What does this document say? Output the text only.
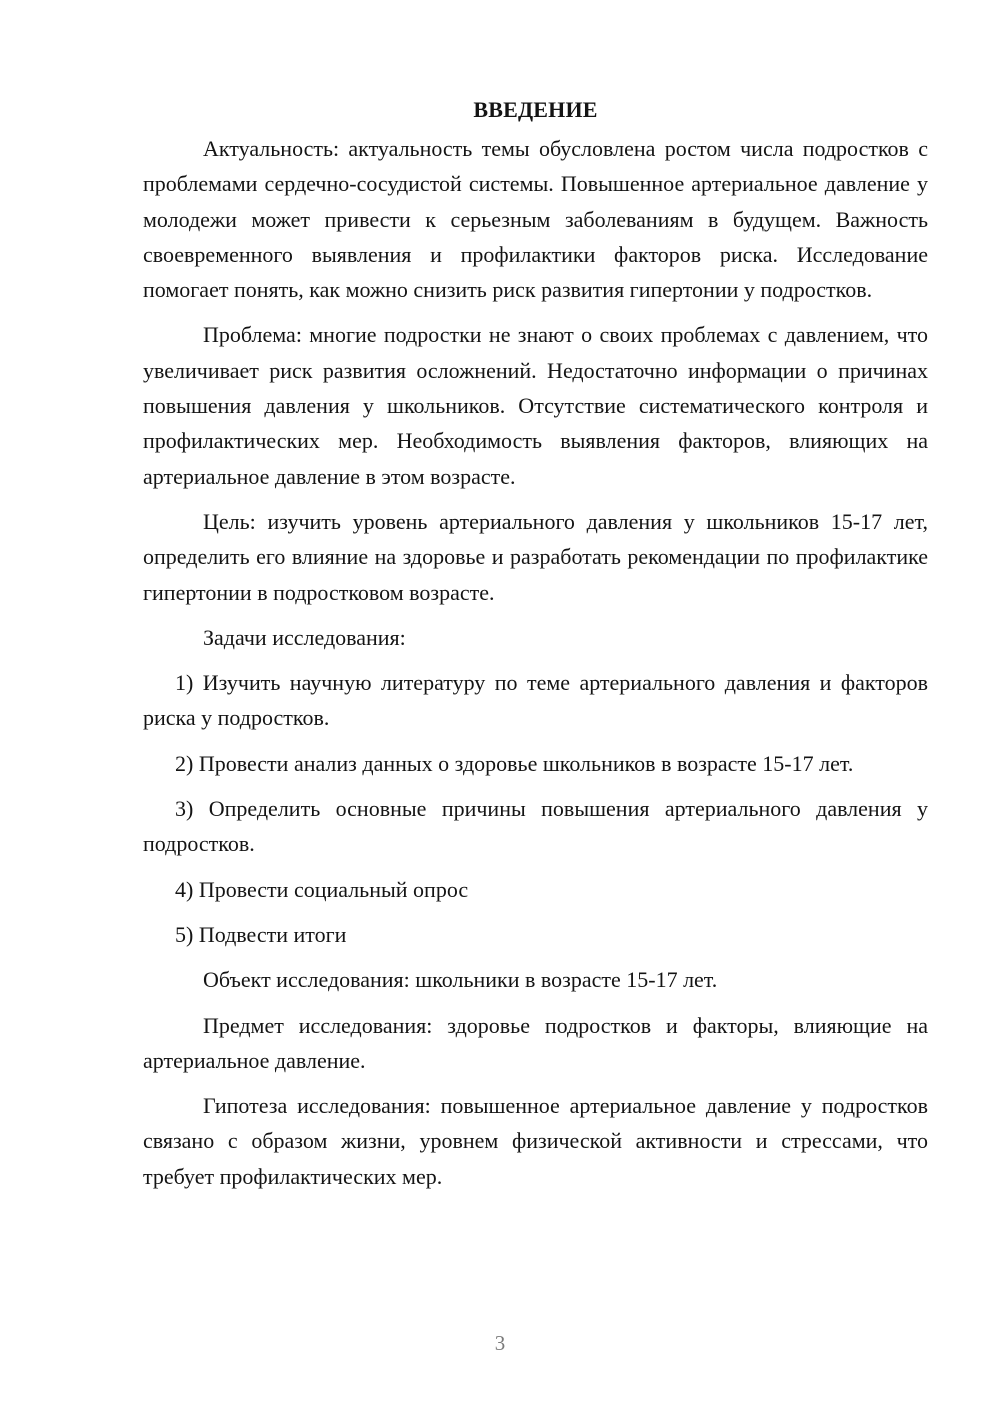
ВВЕДЕНИЕ

Актуальность: актуальность темы обусловлена ростом числа подростков с проблемами сердечно-сосудистой системы. Повышенное артериальное давление у молодежи может привести к серьезным заболеваниям в будущем. Важность своевременного выявления и профилактики факторов риска. Исследование помогает понять, как можно снизить риск развития гипертонии у подростков.

Проблема: многие подростки не знают о своих проблемах с давлением, что увеличивает риск развития осложнений. Недостаточно информации о причинах повышения давления у школьников. Отсутствие систематического контроля и профилактических мер. Необходимость выявления факторов, влияющих на артериальное давление в этом возрасте.

Цель: изучить уровень артериального давления у школьников 15-17 лет, определить его влияние на здоровье и разработать рекомендации по профилактике гипертонии в подростковом возрасте.

Задачи исследования:

1) Изучить научную литературу по теме артериального давления и факторов риска у подростков.

2) Провести анализ данных о здоровье школьников в возрасте 15-17 лет.

3) Определить основные причины повышения артериального давления у подростков.

4) Провести социальный опрос

5) Подвести итоги

Объект исследования: школьники в возрасте 15-17 лет.

Предмет исследования: здоровье подростков и факторы, влияющие на артериальное давление.

Гипотеза исследования: повышенное артериальное давление у подростков связано с образом жизни, уровнем физической активности и стрессами, что требует профилактических мер.

3
